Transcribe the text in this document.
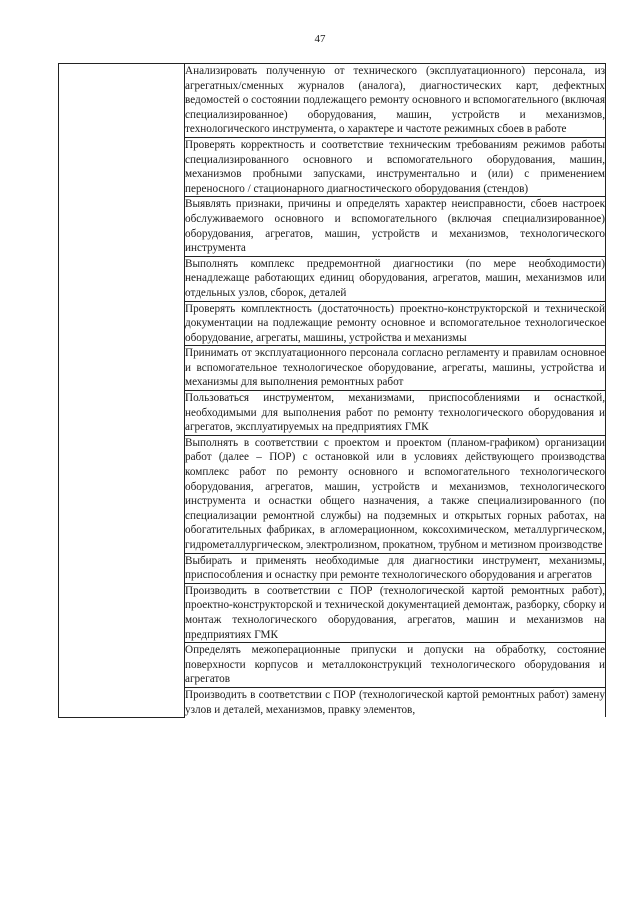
47
	Анализировать полученную от технического (эксплуатационного) персонала, из агрегатных/сменных журналов (аналога), диагностических карт, дефектных ведомостей о состоянии подлежащего ремонту основного и вспомогательного (включая специализированное) оборудования, машин, устройств и механизмов, технологического инструмента, о характере и частоте режимных сбоев в работе
Проверять корректность и соответствие техническим требованиям режимов работы специализированного основного и вспомогательного оборудования, машин, механизмов пробными запусками, инструментально и (или) с применением переносного / стационарного диагностического оборудования (стендов)
Выявлять признаки, причины и определять характер неисправности, сбоев настроек обслуживаемого основного и вспомогательного (включая специализированное) оборудования, агрегатов, машин, устройств и механизмов, технологического инструмента
Выполнять комплекс предремонтной диагностики (по мере необходимости) ненадлежаще работающих единиц оборудования, агрегатов, машин, механизмов или отдельных узлов, сборок, деталей
Проверять комплектность (достаточность) проектно-конструкторской и технической документации на подлежащие ремонту основное и вспомогательное технологическое оборудование, агрегаты, машины, устройства и механизмы
Принимать от эксплуатационного персонала согласно регламенту и правилам основное и вспомогательное технологическое оборудование, агрегаты, машины, устройства и механизмы для выполнения ремонтных работ
Пользоваться инструментом, механизмами, приспособлениями и оснасткой, необходимыми для выполнения работ по ремонту технологического оборудования и агрегатов, эксплуатируемых на предприятиях ГМК
Выполнять в соответствии с проектом и проектом (планом-графиком) организации работ (далее – ПОР) с остановкой или в условиях действующего производства комплекс работ по ремонту основного и вспомогательного технологического оборудования, агрегатов, машин, устройств и механизмов, технологического инструмента и оснастки общего назначения, а также специализированного (по специализации ремонтной службы) на подземных и открытых горных работах, на обогатительных фабриках, в агломерационном, коксохимическом, металлургическом, гидрометаллургическом, электролизном, прокатном, трубном и метизном производстве
Выбирать и применять необходимые для диагностики инструмент, механизмы, приспособления и оснастку при ремонте технологического оборудования и агрегатов
Производить в соответствии с ПОР (технологической картой ремонтных работ), проектно-конструкторской и технической документацией демонтаж, разборку, сборку и монтаж технологического оборудования, агрегатов, машин и механизмов на предприятиях ГМК
Определять межоперационные припуски и допуски на обработку, состояние поверхности корпусов и металлоконструкций технологического оборудования и агрегатов
Производить в соответствии с ПОР (технологической картой ремонтных работ) замену узлов и деталей, механизмов, правку элементов,
